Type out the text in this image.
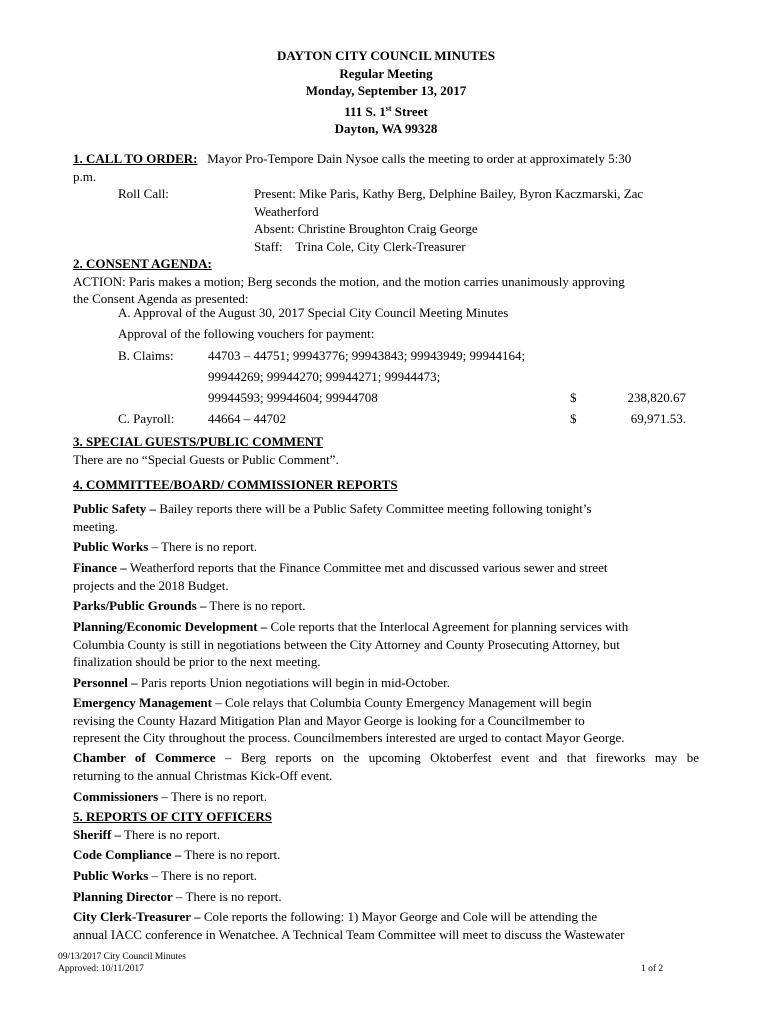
DAYTON CITY COUNCIL MINUTES
Regular Meeting
Monday, September 13, 2017
111 S. 1st Street
Dayton, WA 99328

1. CALL TO ORDER: Mayor Pro-Tempore Dain Nysoe calls the meeting to order at approximately 5:30

p.m.

Roll Call:	Present: Mike Paris, Kathy Berg, Delphine Bailey, Byron Kaczmarski, Zac
Weatherford
Absent: Christine Broughton Craig George
Staff: Trina Cole, City Clerk-Treasurer

2. CONSENT AGENDA:

ACTION: Paris makes a motion; Berg seconds the motion, and the motion carries unanimously approving

the Consent Agenda as presented:

A. Approval of the August 30, 2017 Special City Council Meeting Minutes
Approval of the following vouchers for payment:
B. Claims:	44703 – 44751; 99943776; 99943843; 99943949; 99944164;
99944269; 99944270; 99944271; 99944473;
99944593; 99944604; 99944708	$	238,820.67
C. Payroll:	44664 – 44702	$	69,971.53.

3. SPECIAL GUESTS/PUBLIC COMMENT

There are no “Special Guests or Public Comment”.

4. COMMITTEE/BOARD/ COMMISSIONER REPORTS

Public Safety – Bailey reports there will be a Public Safety Committee meeting following tonight’s

meeting.

Public Works – There is no report.

Finance – Weatherford reports that the Finance Committee met and discussed various sewer and street

projects and the 2018 Budget.

Parks/Public Grounds – There is no report.

Planning/Economic Development – Cole reports that the Interlocal Agreement for planning services with

Columbia County is still in negotiations between the City Attorney and County Prosecuting Attorney, but

finalization should be prior to the next meeting.

Personnel – Paris reports Union negotiations will begin in mid-October.

Emergency Management – Cole relays that Columbia County Emergency Management will begin

revising the County Hazard Mitigation Plan and Mayor George is looking for a Councilmember to

represent the City throughout the process. Councilmembers interested are urged to contact Mayor George.

Chamber of Commerce – Berg reports on the upcoming Oktoberfest event and that fireworks may be

returning to the annual Christmas Kick-Off event.

Commissioners – There is no report.

5. REPORTS OF CITY OFFICERS

Sheriff – There is no report.

Code Compliance – There is no report.

Public Works – There is no report.

Planning Director – There is no report.

City Clerk-Treasurer – Cole reports the following: 1) Mayor George and Cole will be attending the

annual IACC conference in Wenatchee. A Technical Team Committee will meet to discuss the Wastewater

09/13/2017 City Council Minutes
Approved: 10/11/2017	1 of 2
